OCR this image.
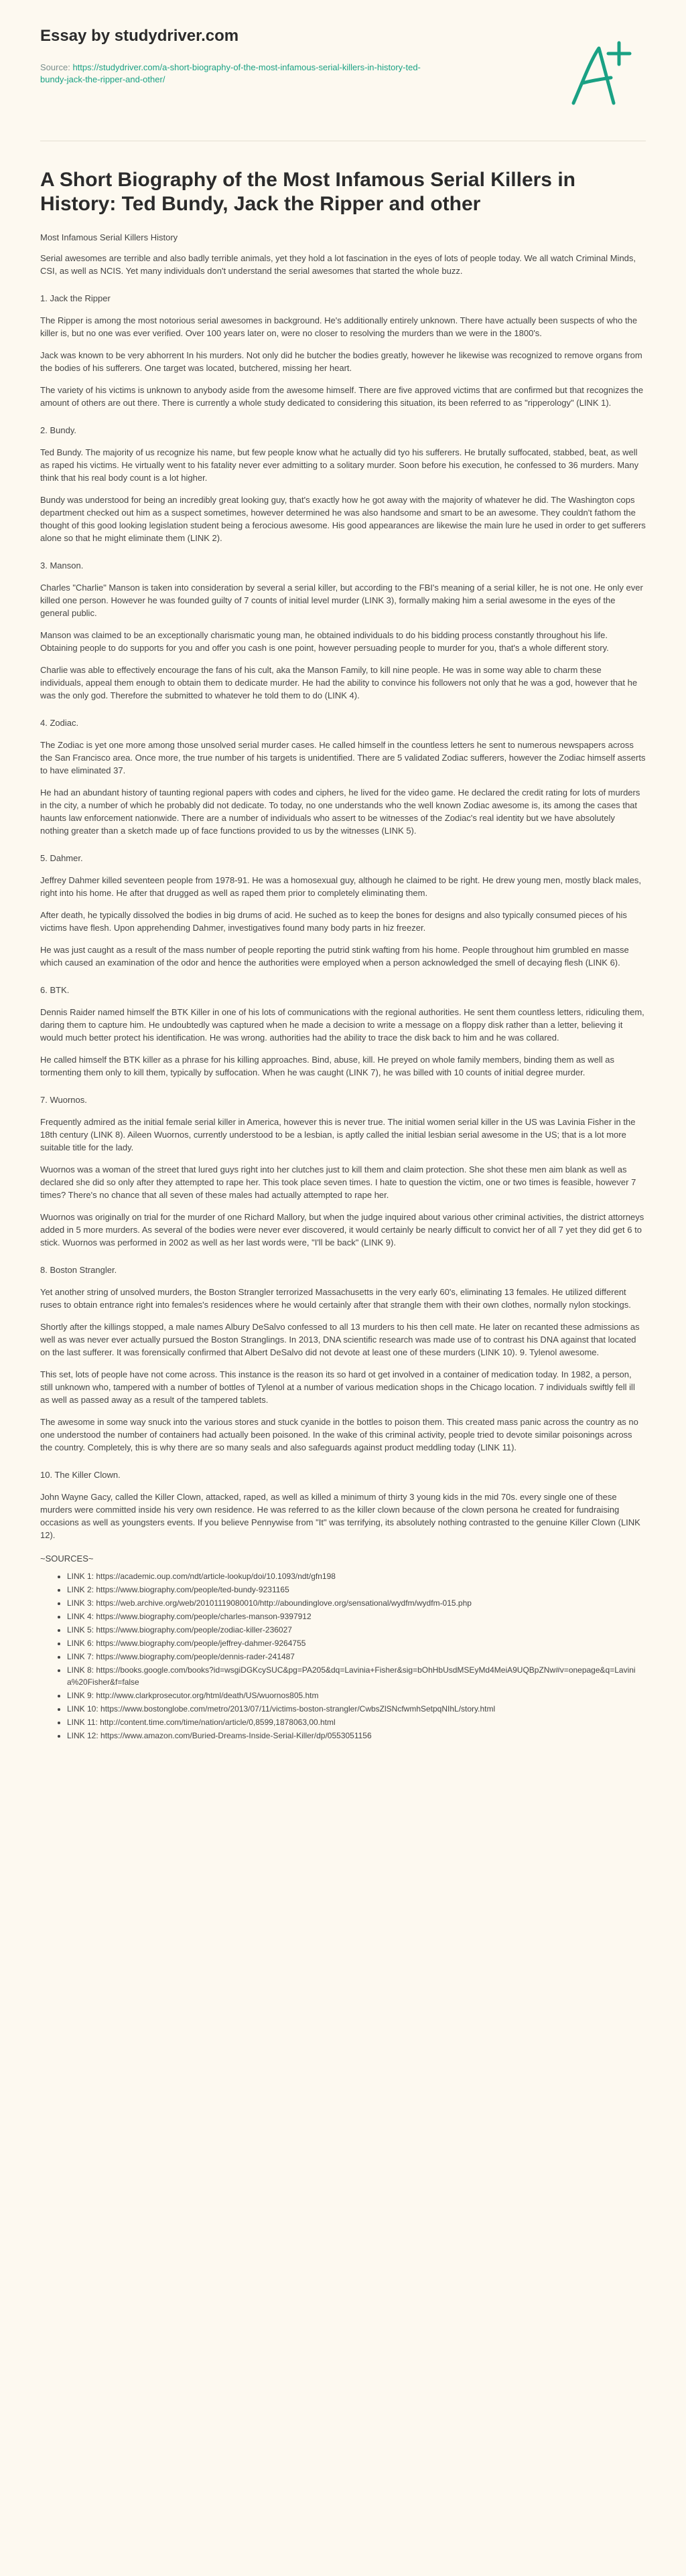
Essay by studydriver.com
Source: https://studydriver.com/a-short-biography-of-the-most-infamous-serial-killers-in-history-ted-bundy-jack-the-ripper-and-other/
A Short Biography of the Most Infamous Serial Killers in History: Ted Bundy, Jack the Ripper and other
Most Infamous Serial Killers History

Serial awesomes are terrible and also badly terrible animals, yet they hold a lot fascination in the eyes of lots of people today. We all watch Criminal Minds, CSI, as well as NCIS. Yet many individuals don't understand the serial awesomes that started the whole buzz.

1. Jack the Ripper

The Ripper is among the most notorious serial awesomes in background. He's additionally entirely unknown. There have actually been suspects of who the killer is, but no one was ever verified. Over 100 years later on, were no closer to resolving the murders than we were in the 1800's.

Jack was known to be very abhorrent In his murders. Not only did he butcher the bodies greatly, however he likewise was recognized to remove organs from the bodies of his sufferers. One target was located, butchered, missing her heart.

The variety of his victims is unknown to anybody aside from the awesome himself. There are five approved victims that are confirmed but that recognizes the amount of others are out there. There is currently a whole study dedicated to considering this situation, its been referred to as "ripperology" (LINK 1).

2. Bundy.

Ted Bundy. The majority of us recognize his name, but few people know what he actually did tyo his sufferers. He brutally suffocated, stabbed, beat, as well as raped his victims. He virtually went to his fatality never ever admitting to a solitary murder. Soon before his execution, he confessed to 36 murders. Many think that his real body count is a lot higher.

Bundy was understood for being an incredibly great looking guy, that's exactly how he got away with the majority of whatever he did. The Washington cops department checked out him as a suspect sometimes, however determined he was also handsome and smart to be an awesome. They couldn't fathom the thought of this good looking legislation student being a ferocious awesome. His good appearances are likewise the main lure he used in order to get sufferers alone so that he might eliminate them (LINK 2).

3. Manson.

Charles "Charlie" Manson is taken into consideration by several a serial killer, but according to the FBI's meaning of a serial killer, he is not one. He only ever killed one person. However he was founded guilty of 7 counts of initial level murder (LINK 3), formally making him a serial awesome in the eyes of the general public.

Manson was claimed to be an exceptionally charismatic young man, he obtained individuals to do his bidding process constantly throughout his life. Obtaining people to do supports for you and offer you cash is one point, however persuading people to murder for you, that's a whole different story.

Charlie was able to effectively encourage the fans of his cult, aka the Manson Family, to kill nine people. He was in some way able to charm these individuals, appeal them enough to obtain them to dedicate murder. He had the ability to convince his followers not only that he was a god, however that he was the only god. Therefore the submitted to whatever he told them to do (LINK 4).

4. Zodiac.

The Zodiac is yet one more among those unsolved serial murder cases. He called himself in the countless letters he sent to numerous newspapers across the San Francisco area. Once more, the true number of his targets is unidentified. There are 5 validated Zodiac sufferers, however the Zodiac himself asserts to have eliminated 37.

He had an abundant history of taunting regional papers with codes and ciphers, he lived for the video game. He declared the credit rating for lots of murders in the city, a number of which he probably did not dedicate. To today, no one understands who the well known Zodiac awesome is, its among the cases that haunts law enforcement nationwide. There are a number of individuals who assert to be witnesses of the Zodiac's real identity but we have absolutely nothing greater than a sketch made up of face functions provided to us by the witnesses (LINK 5).

5. Dahmer.

Jeffrey Dahmer killed seventeen people from 1978-91. He was a homosexual guy, although he claimed to be right. He drew young men, mostly black males, right into his home. He after that drugged as well as raped them prior to completely eliminating them.

After death, he typically dissolved the bodies in big drums of acid. He suched as to keep the bones for designs and also typically consumed pieces of his victims have flesh. Upon apprehending Dahmer, investigatives found many body parts in hiz freezer.

He was just caught as a result of the mass number of people reporting the putrid stink wafting from his home. People throughout him grumbled en masse which caused an examination of the odor and hence the authorities were employed when a person acknowledged the smell of decaying flesh (LINK 6).

6. BTK.

Dennis Raider named himself the BTK Killer in one of his lots of communications with the regional authorities. He sent them countless letters, ridiculing them, daring them to capture him. He undoubtedly was captured when he made a decision to write a message on a floppy disk rather than a letter, believing it would much better protect his identification. He was wrong. authorities had the ability to trace the disk back to him and he was collared.

He called himself the BTK killer as a phrase for his killing approaches. Bind, abuse, kill. He preyed on whole family members, binding them as well as tormenting them only to kill them, typically by suffocation. When he was caught (LINK 7), he was billed with 10 counts of initial degree murder.

7. Wuornos.

Frequently admired as the initial female serial killer in America, however this is never true. The initial women serial killer in the US was Lavinia Fisher in the 18th century (LINK 8). Aileen Wuornos, currently understood to be a lesbian, is aptly called the initial lesbian serial awesome in the US; that is a lot more suitable title for the lady.

Wuornos was a woman of the street that lured guys right into her clutches just to kill them and claim protection. She shot these men aim blank as well as declared she did so only after they attempted to rape her. This took place seven times. I hate to question the victim, one or two times is feasible, however 7 times? There's no chance that all seven of these males had actually attempted to rape her.

Wuornos was originally on trial for the murder of one Richard Mallory, but when the judge inquired about various other criminal activities, the district attorneys added in 5 more murders. As several of the bodies were never ever discovered, it would certainly be nearly difficult to convict her of all 7 yet they did get 6 to stick. Wuornos was performed in 2002 as well as her last words were, "I'll be back" (LINK 9).

8. Boston Strangler.

Yet another string of unsolved murders, the Boston Strangler terrorized Massachusetts in the very early 60's, eliminating 13 females. He utilized different ruses to obtain entrance right into females's residences where he would certainly after that strangle them with their own clothes, normally nylon stockings.

Shortly after the killings stopped, a male names Albury DeSalvo confessed to all 13 murders to his then cell mate. He later on recanted these admissions as well as was never ever actually pursued the Boston Stranglings. In 2013, DNA scientific research was made use of to contrast his DNA against that located on the last sufferer. It was forensically confirmed that Albert DeSalvo did not devote at least one of these murders (LINK 10). 9. Tylenol awesome.

This set, lots of people have not come across. This instance is the reason its so hard ot get involved in a container of medication today. In 1982, a person, still unknown who, tampered with a number of bottles of Tylenol at a number of various medication shops in the Chicago location. 7 individuals swiftly fell ill as well as passed away as a result of the tampered tablets.

The awesome in some way snuck into the various stores and stuck cyanide in the bottles to poison them. This created mass panic across the country as no one understood the number of containers had actually been poisoned. In the wake of this criminal activity, people tried to devote similar poisonings across the country. Completely, this is why there are so many seals and also safeguards against product meddling today (LINK 11).

10. The Killer Clown.

John Wayne Gacy, called the Killer Clown, attacked, raped, as well as killed a minimum of thirty 3 young kids in the mid 70s. every single one of these murders were committed inside his very own residence. He was referred to as the killer clown because of the clown persona he created for fundraising occasions as well as youngsters events. If you believe Pennywise from "It" was terrifying, its absolutely nothing contrasted to the genuine Killer Clown (LINK 12).

~SOURCES~
• LINK 1: https://academic.oup.com/ndt/article-lookup/doi/10.1093/ndt/gfn198
• LINK 2: https://www.biography.com/people/ted-bundy-9231165
• LINK 3: https://web.archive.org/web/20101119080010/http://aboundinglove.org/sensational/wydfm/wydfm-015.php
• LINK 4: https://www.biography.com/people/charles-manson-9397912
• LINK 5: https://www.biography.com/people/zodiac-killer-236027
• LINK 6: https://www.biography.com/people/jeffrey-dahmer-9264755
• LINK 7: https://www.biography.com/people/dennis-rader-241487
• LINK 8: https://books.google.com/books?id=wsgiDGKcySUC&pg=PA205&dq=Lavinia+Fisher&sig=bOhHbUsdMSEyMd4MeiA9UQBpZNw#v=onepage&q=Lavinia%20Fisher&f=false
• LINK 9: http://www.clarkprosecutor.org/html/death/US/wuornos805.htm
• LINK 10: https://www.bostonglobe.com/metro/2013/07/11/victims-boston-strangler/CwbsZlSNcfwmhSetpqNIhL/story.html
• LINK 11: http://content.time.com/time/nation/article/0,8599,1878063,00.html
• LINK 12: https://www.amazon.com/Buried-Dreams-Inside-Serial-Killer/dp/0553051156
